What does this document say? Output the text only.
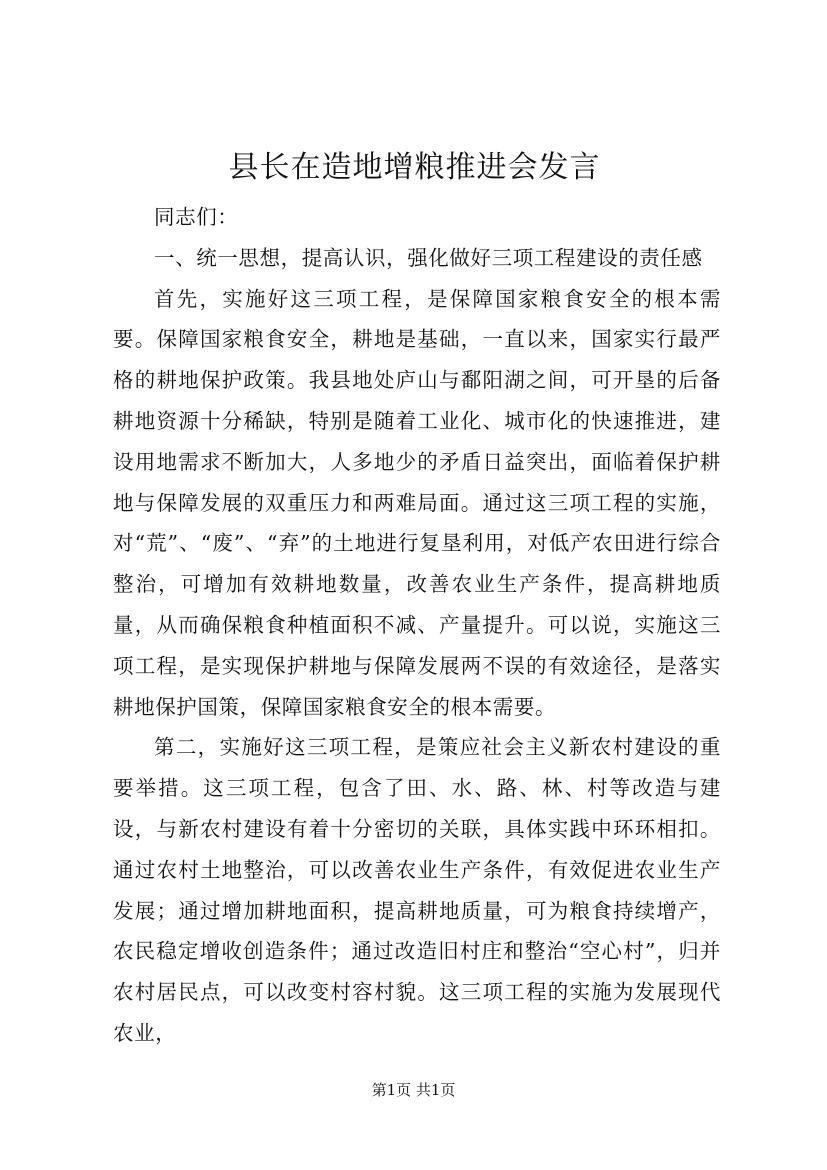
县长在造地增粮推进会发言

同志们：

一、统一思想，提高认识，强化做好三项工程建设的责任感

首先，实施好这三项工程，是保障国家粮食安全的根本需要。保障国家粮食安全，耕地是基础，一直以来，国家实行最严格的耕地保护政策。我县地处庐山与鄱阳湖之间，可开垦的后备耕地资源十分稀缺，特别是随着工业化、城市化的快速推进，建设用地需求不断加大，人多地少的矛盾日益突出，面临着保护耕地与保障发展的双重压力和两难局面。通过这三项工程的实施，对“荒”、“废”、“弃”的土地进行复垦利用，对低产农田进行综合整治，可增加有效耕地数量，改善农业生产条件，提高耕地质量，从而确保粮食种植面积不减、产量提升。可以说，实施这三项工程，是实现保护耕地与保障发展两不误的有效途径，是落实耕地保护国策，保障国家粮食安全的根本需要。

第二，实施好这三项工程，是策应社会主义新农村建设的重要举措。这三项工程，包含了田、水、路、林、村等改造与建设，与新农村建设有着十分密切的关联，具体实践中环环相扣。通过农村土地整治，可以改善农业生产条件，有效促进农业生产发展；通过增加耕地面积，提高耕地质量，可为粮食持续增产，农民稳定增收创造条件；通过改造旧村庄和整治“空心村”，归并农村居民点，可以改变村容村貌。这三项工程的实施为发展现代农业，

第1页 共1页
